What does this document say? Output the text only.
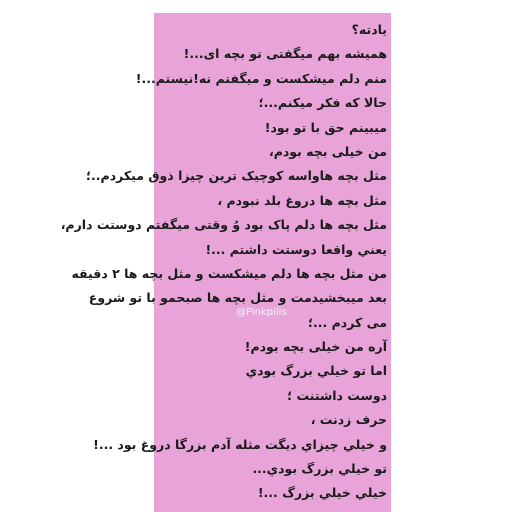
یادته؟
همیشه بهم میگفتی تو بچه ای...!
منم دلم میشکست و میگفتم نه!نیستم...!
حالا که فکر میکنم...؛
میبینم حق با تو بود!
من خیلی بچه بودم،
مثل بچه هاواسه کوچیک ترین چیزا ذوق میکردم..؛
مثل بچه ها دروغ بلد نبودم ،
مثل بچه ها دلم پاک بود وُ وقتی میگفتم دوستت دارم،
یعني واقعا دوستت داشتم ...!
من مثل بچه ها دلم میشکست و مثل بچه ها ۲ دقیقه
بعد میبخشیدمت و مثل بچه ها صبحمو با تو شروع
می کردم ...؛
آره من خیلی بچه بودم!
اما تو خیلي بزرگ بودي
دوست داشتنت ؛
حرف زدنت ،
و خیلي چیزاي دیگت مثله آدم بزرگا دروغ بود ...!
تو خیلي بزرگ بودي...
خیلي خیلي بزرگ ...!
@Pinkpills
